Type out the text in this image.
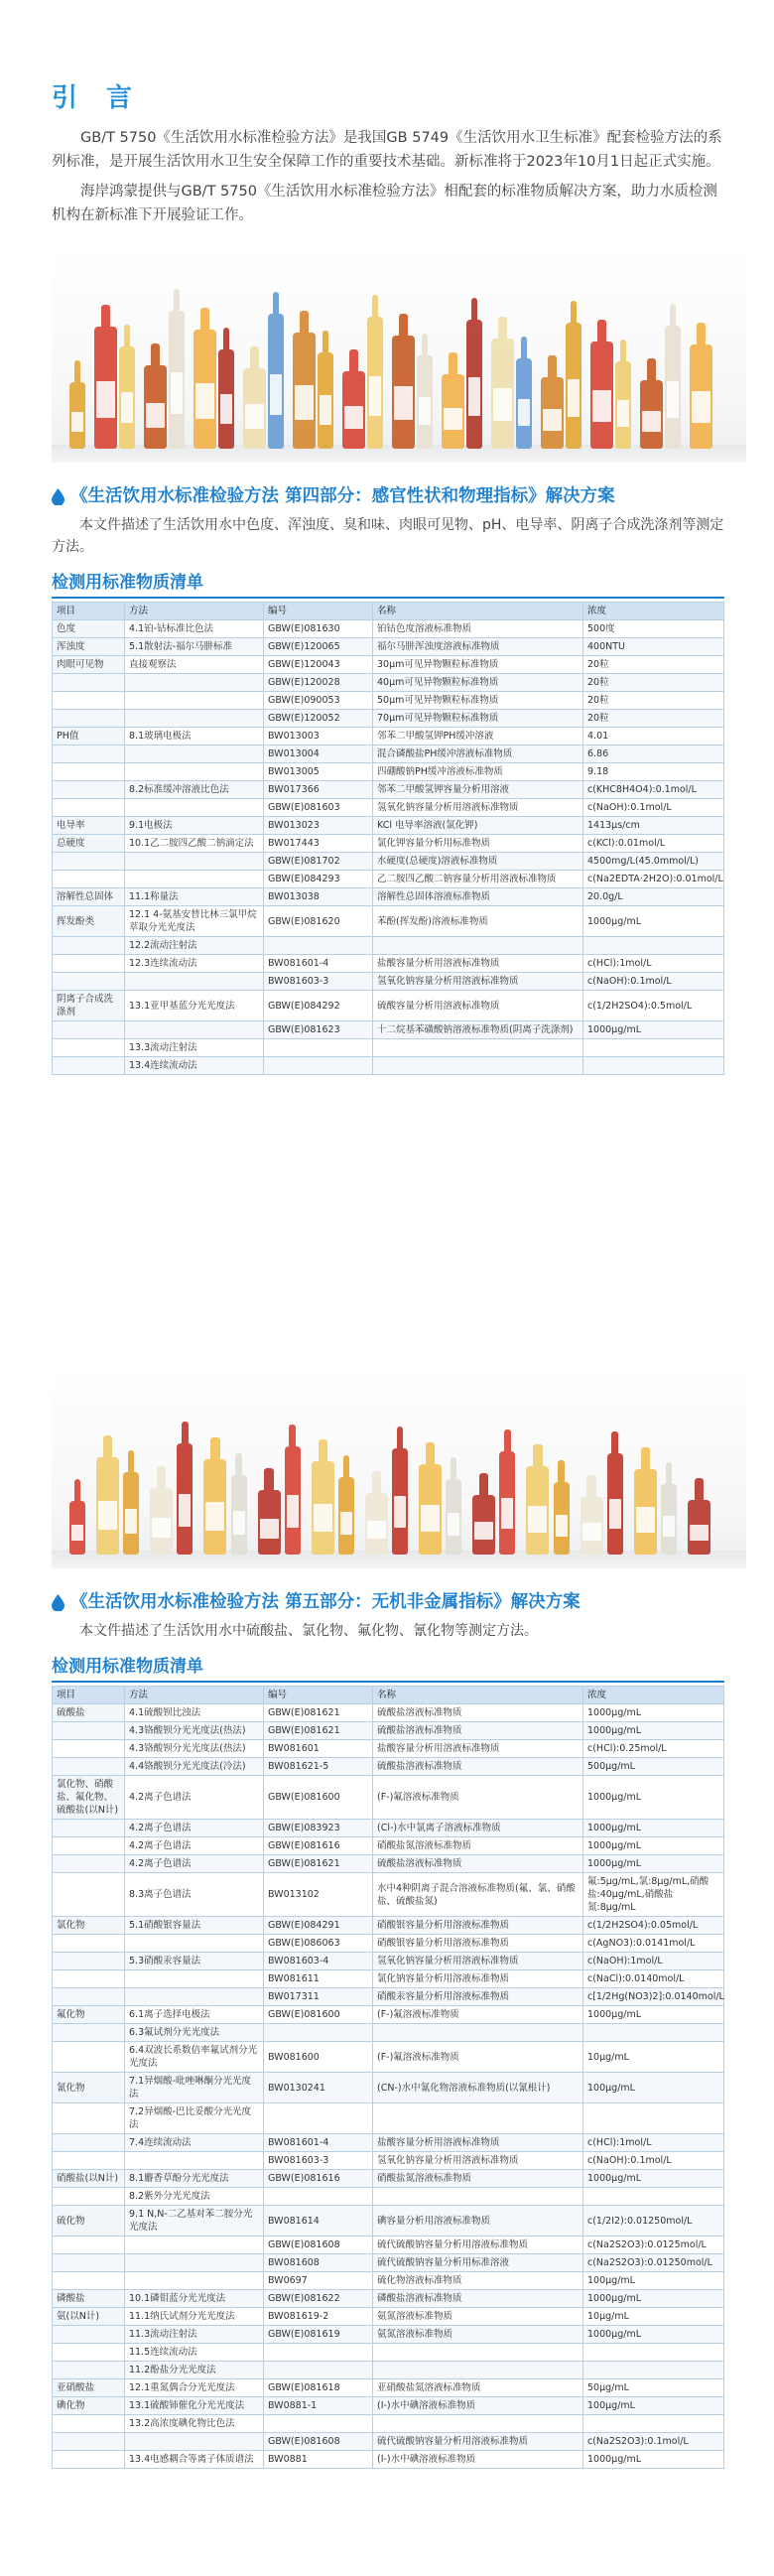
引 言

GB/T 5750《生活饮用水标准检验方法》是我国GB 5749《生活饮用水卫生标准》配套检验方法的系列标准，是开展生活饮用水卫生安全保障工作的重要技术基础。新标准将于2023年10月1日起正式实施。

海岸鸿蒙提供与GB/T 5750《生活饮用水标准检验方法》相配套的标准物质解决方案，助力水质检测机构在新标准下开展验证工作。

《生活饮用水标准检验方法 第四部分：感官性状和物理指标》解决方案
本文件描述了生活饮用水中色度、浑浊度、臭和味、肉眼可见物、pH、电导率、阴离子合成洗涤剂等测定方法。
检测用标准物质清单
项目	方法	编号	名称	浓度
色度	4.1铂-钴标准比色法	GBW(E)081630	铂钴色度溶液标准物质	500度
浑浊度	5.1散射法-福尔马肼标准	GBW(E)120065	福尔马肼浑浊度溶液标准物质	400NTU
肉眼可见物	直接观察法	GBW(E)120043	30μm可见异物颗粒标准物质	20粒
		GBW(E)120028	40μm可见异物颗粒标准物质	20粒
		GBW(E)090053	50μm可见异物颗粒标准物质	20粒
		GBW(E)120052	70μm可见异物颗粒标准物质	20粒
PH值	8.1玻璃电极法	BW013003	邻苯二甲酸氢钾PH缓冲溶液	4.01
		BW013004	混合磷酸盐PH缓冲溶液标准物质	6.86
		BW013005	四硼酸钠PH缓冲溶液标准物质	9.18
	8.2标准缓冲溶液比色法	BW017366	邻苯二甲酸氢钾容量分析用溶液	c(KHC8H4O4):0.1mol/L
		GBW(E)081603	氢氧化钠容量分析用溶液标准物质	c(NaOH):0.1mol/L
电导率	9.1电极法	BW013023	KCl 电导率溶液(氯化钾)	1413μs/cm
总硬度	10.1乙二胺四乙酸二钠滴定法	BW017443	氯化钾容量分析用标准物质	c(KCl):0.01mol/L
		GBW(E)081702	水硬度(总硬度)溶液标准物质	4500mg/L(45.0mmol/L)
		GBW(E)084293	乙二胺四乙酸二钠容量分析用溶液标准物质	c(Na2EDTA·2H2O):0.01mol/L
溶解性总固体	11.1称量法	BW013038	溶解性总固体溶液标准物质	20.0g/L
挥发酚类	12.1 4-氨基安替比林三氯甲烷萃取分光光度法	GBW(E)081620	苯酚(挥发酚)溶液标准物质	1000μg/mL
	12.2流动注射法			
	12.3连续流动法	BW081601-4	盐酸容量分析用溶液标准物质	c(HCl):1mol/L
		BW081603-3	氢氧化钠容量分析用溶液标准物质	c(NaOH):0.1mol/L
阴离子合成洗涤剂	13.1亚甲基蓝分光光度法	GBW(E)084292	硫酸容量分析用溶液标准物质	c(1/2H2SO4):0.5mol/L
		GBW(E)081623	十二烷基苯磺酸钠溶液标准物质(阴离子洗涤剂)	1000μg/mL
	13.3流动注射法			
	13.4连续流动法			
《生活饮用水标准检验方法 第五部分：无机非金属指标》解决方案
本文件描述了生活饮用水中硫酸盐、氯化物、氟化物、氰化物等测定方法。
检测用标准物质清单
项目	方法	编号	名称	浓度
硫酸盐	4.1硫酸钡比浊法	GBW(E)081621	硫酸盐溶液标准物质	1000μg/mL
	4.3铬酸钡分光光度法(热法)	GBW(E)081621	硫酸盐溶液标准物质	1000μg/mL
	4.3铬酸钡分光光度法(热法)	BW081601	盐酸容量分析用溶液标准物质	c(HCl):0.25mol/L
	4.4铬酸钡分光光度法(冷法)	BW081621-5	硫酸盐溶液标准物质	500μg/mL
氯化物、硝酸盐、氟化物、硫酸盐(以N计)	4.2离子色谱法	GBW(E)081600	(F-)氟溶液标准物质	1000μg/mL
	4.2离子色谱法	GBW(E)083923	(Cl-)水中氯离子溶液标准物质	1000μg/mL
	4.2离子色谱法	GBW(E)081616	硝酸盐氮溶液标准物质	1000μg/mL
	4.2离子色谱法	GBW(E)081621	硫酸盐溶液标准物质	1000μg/mL
	8.3离子色谱法	BW013102	水中4种阴离子混合溶液标准物质(氟、氯、硝酸盐、硫酸盐氮)	氟:5μg/mL,氯:8μg/mL,硝酸盐:40μg/mL,硝酸盐氮:8μg/mL
氯化物	5.1硝酸银容量法	GBW(E)084291	硝酸银容量分析用溶液标准物质	c(1/2H2SO4):0.05mol/L
		GBW(E)086063	硝酸银容量分析用溶液标准物质	c(AgNO3):0.0141mol/L
	5.3硝酸汞容量法	BW081603-4	氢氧化钠容量分析用溶液标准物质	c(NaOH):1mol/L
		BW081611	氯化钠容量分析用溶液标准物质	c(NaCl):0.0140mol/L
		BW017311	硝酸汞容量分析用溶液标准物质	c[1/2Hg(NO3)2]:0.0140mol/L
氟化物	6.1离子选择电极法	GBW(E)081600	(F-)氟溶液标准物质	1000μg/mL
	6.3氟试剂分光光度法			
	6.4双波长系数倍率氟试剂分光光度法	BW081600	(F-)氟溶液标准物质	10μg/mL
氰化物	7.1异烟酸-吡唑啉酮分光光度法	BW0130241	(CN-)水中氰化物溶液标准物质(以氰根计)	100μg/mL
	7.2异烟酸-巴比妥酸分光光度法			
	7.4连续流动法	BW081601-4	盐酸容量分析用溶液标准物质	c(HCl):1mol/L
		BW081603-3	氢氧化钠容量分析用溶液标准物质	c(NaOH):0.1mol/L
硝酸盐(以N计)	8.1麝香草酚分光光度法	GBW(E)081616	硝酸盐氮溶液标准物质	1000μg/mL
	8.2紫外分光光度法			
硫化物	9.1 N,N-二乙基对苯二胺分光光度法	BW081614	碘容量分析用溶液标准物质	c(1/2I2):0.01250mol/L
		GBW(E)081608	硫代硫酸钠容量分析用溶液标准物质	c(Na2S2O3):0.0125mol/L
		BW081608	硫代硫酸钠容量分析用标准溶液	c(Na2S2O3):0.01250mol/L
		BW0697	硫化物溶液标准物质	100μg/mL
磷酸盐	10.1磷钼蓝分光光度法	GBW(E)081622	磷酸盐溶液标准物质	1000μg/mL
氨(以N计)	11.1纳氏试剂分光光度法	BW081619-2	氨氮溶液标准物质	10μg/mL
	11.3流动注射法	GBW(E)081619	氨氮溶液标准物质	1000μg/mL
	11.5连续流动法			
	11.2酚盐分光光度法			
亚硝酸盐	12.1重氮偶合分光光度法	GBW(E)081618	亚硝酸盐氮溶液标准物质	50μg/mL
碘化物	13.1硫酸铈催化分光光度法	BW0881-1	(I-)水中碘溶液标准物质	100μg/mL
	13.2高浓度碘化物比色法			
		GBW(E)081608	硫代硫酸钠容量分析用溶液标准物质	c(Na2S2O3):0.1mol/L
	13.4电感耦合等离子体质谱法	BW0881	(I-)水中碘溶液标准物质	1000μg/mL
